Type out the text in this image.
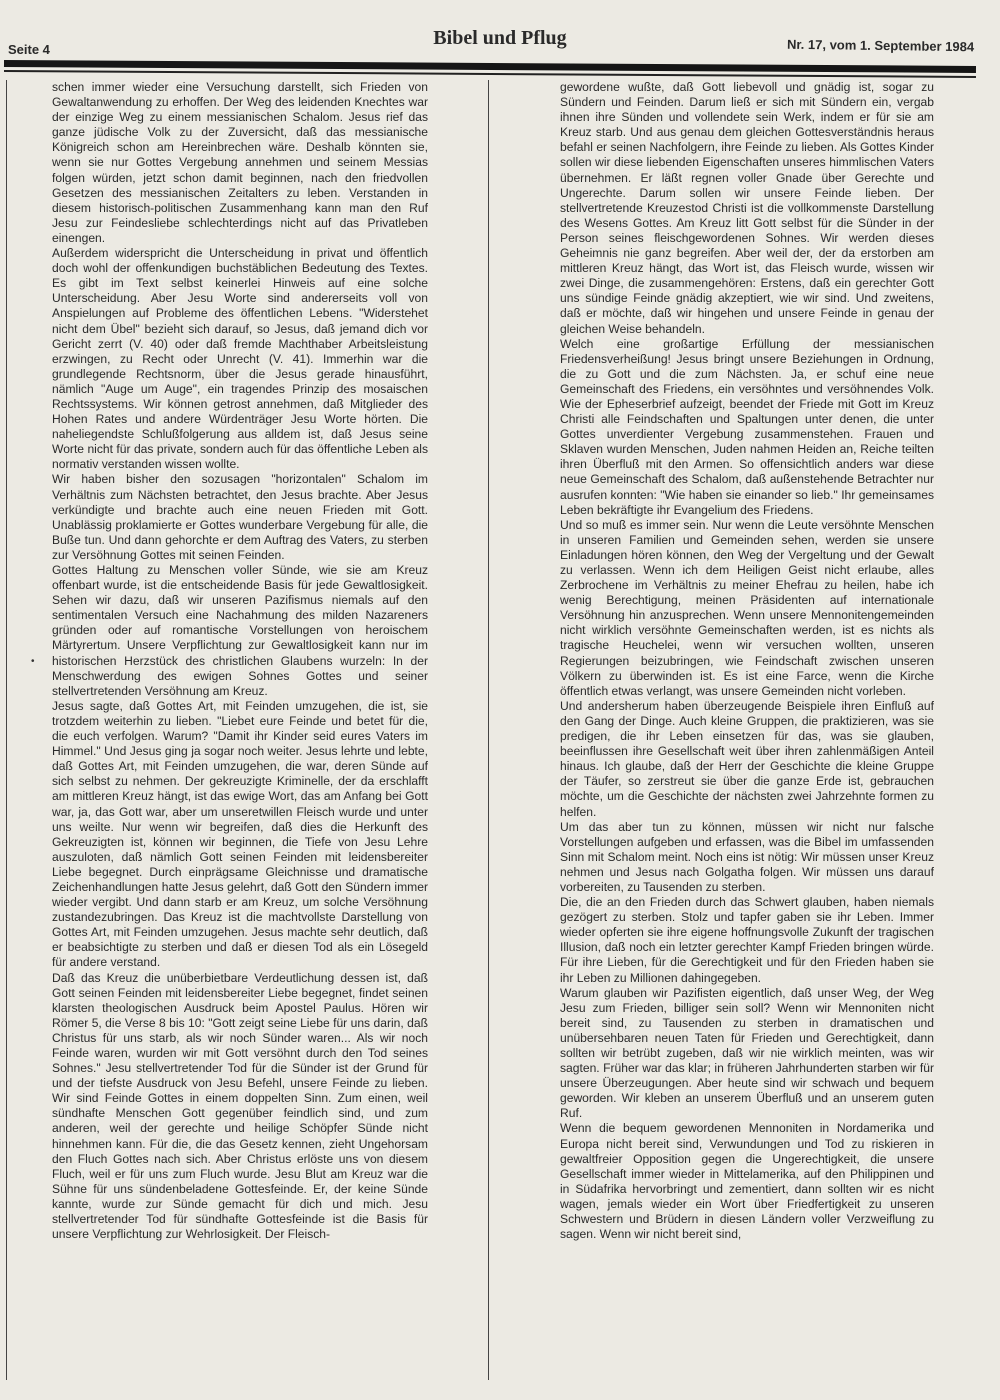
Seite 4
Bibel und Pflug	Nr. 17, vom 1. September 1984
•

schen immer wieder eine Versuchung darstellt, sich Frieden von Gewaltanwendung zu erhoffen. Der Weg des leidenden Knechtes war der einzige Weg zu einem messianischen Schalom. Jesus rief das ganze jüdische Volk zu der Zuversicht, daß das messianische Königreich schon am Hereinbrechen wäre. Deshalb könnten sie, wenn sie nur Gottes Vergebung annehmen und seinem Messias folgen würden, jetzt schon damit beginnen, nach den friedvollen Gesetzen des messianischen Zeitalters zu leben. Verstanden in diesem historisch-politischen Zusammenhang kann man den Ruf Jesu zur Feindesliebe schlechterdings nicht auf das Privatleben einengen.

Außerdem widerspricht die Unterscheidung in privat und öffentlich doch wohl der offenkundigen buchstäblichen Bedeutung des Textes. Es gibt im Text selbst keinerlei Hinweis auf eine solche Unterscheidung. Aber Jesu Worte sind andererseits voll von Anspielungen auf Probleme des öffentlichen Lebens. "Widerstehet nicht dem Übel" bezieht sich darauf, so Jesus, daß jemand dich vor Gericht zerrt (V. 40) oder daß fremde Machthaber Arbeitsleistung erzwingen, zu Recht oder Unrecht (V. 41). Immerhin war die grundlegende Rechtsnorm, über die Jesus gerade hinausführt, nämlich "Auge um Auge", ein tragendes Prinzip des mosaischen Rechtssystems. Wir können getrost annehmen, daß Mitglieder des Hohen Rates und andere Würdenträger Jesu Worte hörten. Die naheliegendste Schlußfolgerung aus alldem ist, daß Jesus seine Worte nicht für das private, sondern auch für das öffentliche Leben als normativ verstanden wissen wollte.

Wir haben bisher den sozusagen "horizontalen" Schalom im Verhältnis zum Nächsten betrachtet, den Jesus brachte. Aber Jesus verkündigte und brachte auch eine neuen Frieden mit Gott. Unablässig proklamierte er Gottes wunderbare Vergebung für alle, die Buße tun. Und dann gehorchte er dem Auftrag des Vaters, zu sterben zur Versöhnung Gottes mit seinen Feinden.

Gottes Haltung zu Menschen voller Sünde, wie sie am Kreuz offenbart wurde, ist die entscheidende Basis für jede Gewaltlosigkeit. Sehen wir dazu, daß wir unseren Pazifismus niemals auf den sentimentalen Versuch eine Nachahmung des milden Nazareners gründen oder auf romantische Vorstellungen von heroischem Märtyrertum. Unsere Verpflichtung zur Gewaltlosigkeit kann nur im historischen Herzstück des christlichen Glaubens wurzeln: In der Menschwerdung des ewigen Sohnes Gottes und seiner stellvertretenden Versöhnung am Kreuz.

Jesus sagte, daß Gottes Art, mit Feinden umzugehen, die ist, sie trotzdem weiterhin zu lieben. "Liebet eure Feinde und betet für die, die euch verfolgen. Warum? "Damit ihr Kinder seid eures Vaters im Himmel." Und Jesus ging ja sogar noch weiter. Jesus lehrte und lebte, daß Gottes Art, mit Feinden umzugehen, die war, deren Sünde auf sich selbst zu nehmen. Der gekreuzigte Kriminelle, der da erschlafft am mittleren Kreuz hängt, ist das ewige Wort, das am Anfang bei Gott war, ja, das Gott war, aber um unseretwillen Fleisch wurde und unter uns weilte. Nur wenn wir begreifen, daß dies die Herkunft des Gekreuzigten ist, können wir beginnen, die Tiefe von Jesu Lehre auszuloten, daß nämlich Gott seinen Feinden mit leidensbereiter Liebe begegnet. Durch einprägsame Gleichnisse und dramatische Zeichenhandlungen hatte Jesus gelehrt, daß Gott den Sündern immer wieder vergibt. Und dann starb er am Kreuz, um solche Versöhnung zustandezubringen. Das Kreuz ist die machtvollste Darstellung von Gottes Art, mit Feinden umzugehen. Jesus machte sehr deutlich, daß er beabsichtigte zu sterben und daß er diesen Tod als ein Lösegeld für andere verstand.

Daß das Kreuz die unüberbietbare Verdeutlichung dessen ist, daß Gott seinen Feinden mit leidensbereiter Liebe begegnet, findet seinen klarsten theologischen Ausdruck beim Apostel Paulus. Hören wir Römer 5, die Verse 8 bis 10: "Gott zeigt seine Liebe für uns darin, daß Christus für uns starb, als wir noch Sünder waren... Als wir noch Feinde waren, wurden wir mit Gott versöhnt durch den Tod seines Sohnes." Jesu stellvertretender Tod für die Sünder ist der Grund für und der tiefste Ausdruck von Jesu Befehl, unsere Feinde zu lieben. Wir sind Feinde Gottes in einem doppelten Sinn. Zum einen, weil sündhafte Menschen Gott gegenüber feindlich sind, und zum anderen, weil der gerechte und heilige Schöpfer Sünde nicht hinnehmen kann. Für die, die das Gesetz kennen, zieht Ungehorsam den Fluch Gottes nach sich. Aber Christus erlöste uns von diesem Fluch, weil er für uns zum Fluch wurde. Jesu Blut am Kreuz war die Sühne für uns sündenbeladene Gottesfeinde. Er, der keine Sünde kannte, wurde zur Sünde gemacht für dich und mich. Jesu stellvertretender Tod für sündhafte Gottesfeinde ist die Basis für unsere Verpflichtung zur Wehrlosigkeit. Der Fleisch-

gewordene wußte, daß Gott liebevoll und gnädig ist, sogar zu Sündern und Feinden. Darum ließ er sich mit Sündern ein, vergab ihnen ihre Sünden und vollendete sein Werk, indem er für sie am Kreuz starb. Und aus genau dem gleichen Gottesverständnis heraus befahl er seinen Nachfolgern, ihre Feinde zu lieben. Als Gottes Kinder sollen wir diese liebenden Eigenschaften unseres himmlischen Vaters übernehmen. Er läßt regnen voller Gnade über Gerechte und Ungerechte. Darum sollen wir unsere Feinde lieben. Der stellvertretende Kreuzestod Christi ist die vollkommenste Darstellung des Wesens Gottes. Am Kreuz litt Gott selbst für die Sünder in der Person seines fleischgewordenen Sohnes. Wir werden dieses Geheimnis nie ganz begreifen. Aber weil der, der da erstorben am mittleren Kreuz hängt, das Wort ist, das Fleisch wurde, wissen wir zwei Dinge, die zusammengehören: Erstens, daß ein gerechter Gott uns sündige Feinde gnädig akzeptiert, wie wir sind. Und zweitens, daß er möchte, daß wir hingehen und unsere Feinde in genau der gleichen Weise behandeln.

Welch eine großartige Erfüllung der messianischen Friedensverheißung! Jesus bringt unsere Beziehungen in Ordnung, die zu Gott und die zum Nächsten. Ja, er schuf eine neue Gemeinschaft des Friedens, ein versöhntes und versöhnendes Volk. Wie der Epheserbrief aufzeigt, beendet der Friede mit Gott im Kreuz Christi alle Feindschaften und Spaltungen unter denen, die unter Gottes unverdienter Vergebung zusammenstehen. Frauen und Sklaven wurden Menschen, Juden nahmen Heiden an, Reiche teilten ihren Überfluß mit den Armen. So offensichtlich anders war diese neue Gemeinschaft des Schalom, daß außenstehende Betrachter nur ausrufen konnten: "Wie haben sie einander so lieb." Ihr gemeinsames Leben bekräftigte ihr Evangelium des Friedens.

Und so muß es immer sein. Nur wenn die Leute versöhnte Menschen in unseren Familien und Gemeinden sehen, werden sie unsere Einladungen hören können, den Weg der Vergeltung und der Gewalt zu verlassen. Wenn ich dem Heiligen Geist nicht erlaube, alles Zerbrochene im Verhältnis zu meiner Ehefrau zu heilen, habe ich wenig Berechtigung, meinen Präsidenten auf internationale Versöhnung hin anzusprechen. Wenn unsere Mennonitengemeinden nicht wirklich versöhnte Gemeinschaften werden, ist es nichts als tragische Heuchelei, wenn wir versuchen wollten, unseren Regierungen beizubringen, wie Feindschaft zwischen unseren Völkern zu überwinden ist. Es ist eine Farce, wenn die Kirche öffentlich etwas verlangt, was unsere Gemeinden nicht vorleben.

Und andersherum haben überzeugende Beispiele ihren Einfluß auf den Gang der Dinge. Auch kleine Gruppen, die praktizieren, was sie predigen, die ihr Leben einsetzen für das, was sie glauben, beeinflussen ihre Gesellschaft weit über ihren zahlenmäßigen Anteil hinaus. Ich glaube, daß der Herr der Geschichte die kleine Gruppe der Täufer, so zerstreut sie über die ganze Erde ist, gebrauchen möchte, um die Geschichte der nächsten zwei Jahrzehnte formen zu helfen.

Um das aber tun zu können, müssen wir nicht nur falsche Vorstellungen aufgeben und erfassen, was die Bibel im umfassenden Sinn mit Schalom meint. Noch eins ist nötig: Wir müssen unser Kreuz nehmen und Jesus nach Golgatha folgen. Wir müssen uns darauf vorbereiten, zu Tausenden zu sterben.

Die, die an den Frieden durch das Schwert glauben, haben niemals gezögert zu sterben. Stolz und tapfer gaben sie ihr Leben. Immer wieder opferten sie ihre eigene hoffnungsvolle Zukunft der tragischen Illusion, daß noch ein letzter gerechter Kampf Frieden bringen würde. Für ihre Lieben, für die Gerechtigkeit und für den Frieden haben sie ihr Leben zu Millionen dahingegeben.

Warum glauben wir Pazifisten eigentlich, daß unser Weg, der Weg Jesu zum Frieden, billiger sein soll? Wenn wir Mennoniten nicht bereit sind, zu Tausenden zu sterben in dramatischen und unübersehbaren neuen Taten für Frieden und Gerechtigkeit, dann sollten wir betrübt zugeben, daß wir nie wirklich meinten, was wir sagten. Früher war das klar; in früheren Jahrhunderten starben wir für unsere Überzeugungen. Aber heute sind wir schwach und bequem geworden. Wir kleben an unserem Überfluß und an unserem guten Ruf.

Wenn die bequem gewordenen Mennoniten in Nordamerika und Europa nicht bereit sind, Verwundungen und Tod zu riskieren in gewaltfreier Opposition gegen die Ungerechtigkeit, die unsere Gesellschaft immer wieder in Mittelamerika, auf den Philippinen und in Südafrika hervorbringt und zementiert, dann sollten wir es nicht wagen, jemals wieder ein Wort über Friedfertigkeit zu unseren Schwestern und Brüdern in diesen Ländern voller Verzweiflung zu sagen. Wenn wir nicht bereit sind,
